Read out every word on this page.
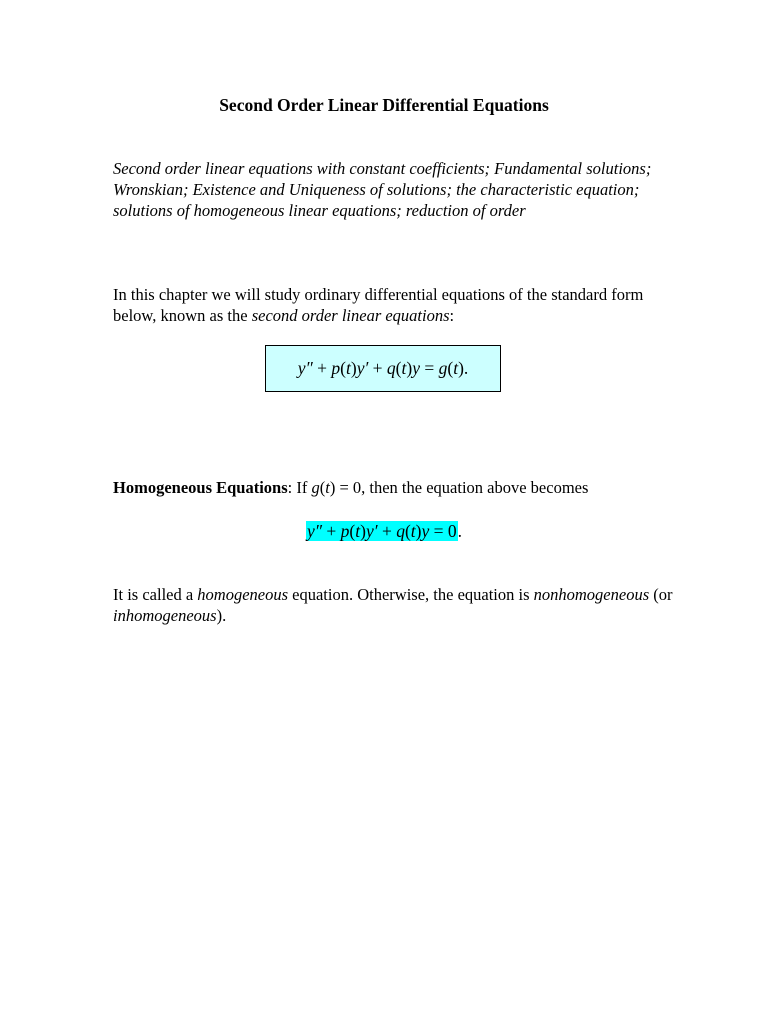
Second Order Linear Differential Equations
Second order linear equations with constant coefficients; Fundamental solutions; Wronskian; Existence and Uniqueness of solutions; the characteristic equation; solutions of homogeneous linear equations; reduction of order
In this chapter we will study ordinary differential equations of the standard form below, known as the second order linear equations:
y″ + p(t)y′ + q(t)y = g(t).
Homogeneous Equations: If g(t) = 0, then the equation above becomes
y″ + p(t)y′ + q(t)y = 0.
It is called a homogeneous equation. Otherwise, the equation is nonhomogeneous (or inhomogeneous).
